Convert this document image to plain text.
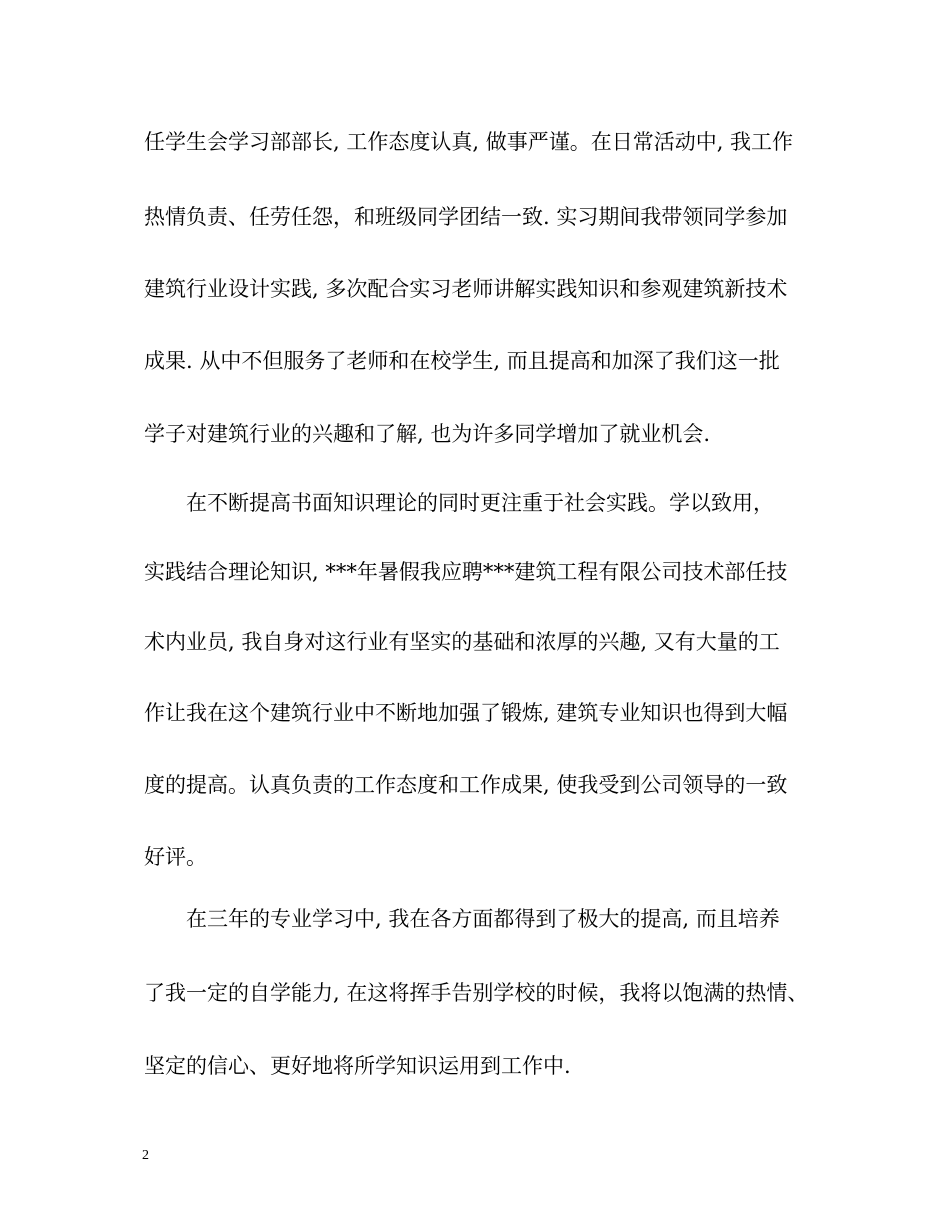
任学生会学习部部长, 工作态度认真, 做事严谨。在日常活动中, 我工作
热情负责、任劳任怨，和班级同学团结一致. 实习期间我带领同学参加
建筑行业设计实践, 多次配合实习老师讲解实践知识和参观建筑新技术
成果. 从中不但服务了老师和在校学生, 而且提高和加深了我们这一批
学子对建筑行业的兴趣和了解, 也为许多同学增加了就业机会.
在不断提高书面知识理论的同时更注重于社会实践。学以致用，
实践结合理论知识, ***年暑假我应聘***建筑工程有限公司技术部任技
术内业员, 我自身对这行业有坚实的基础和浓厚的兴趣, 又有大量的工
作让我在这个建筑行业中不断地加强了锻炼, 建筑专业知识也得到大幅
度的提高。认真负责的工作态度和工作成果, 使我受到公司领导的一致
好评。
在三年的专业学习中, 我在各方面都得到了极大的提高, 而且培养
了我一定的自学能力, 在这将挥手告别学校的时候，我将以饱满的热情、
坚定的信心、更好地将所学知识运用到工作中.
2
